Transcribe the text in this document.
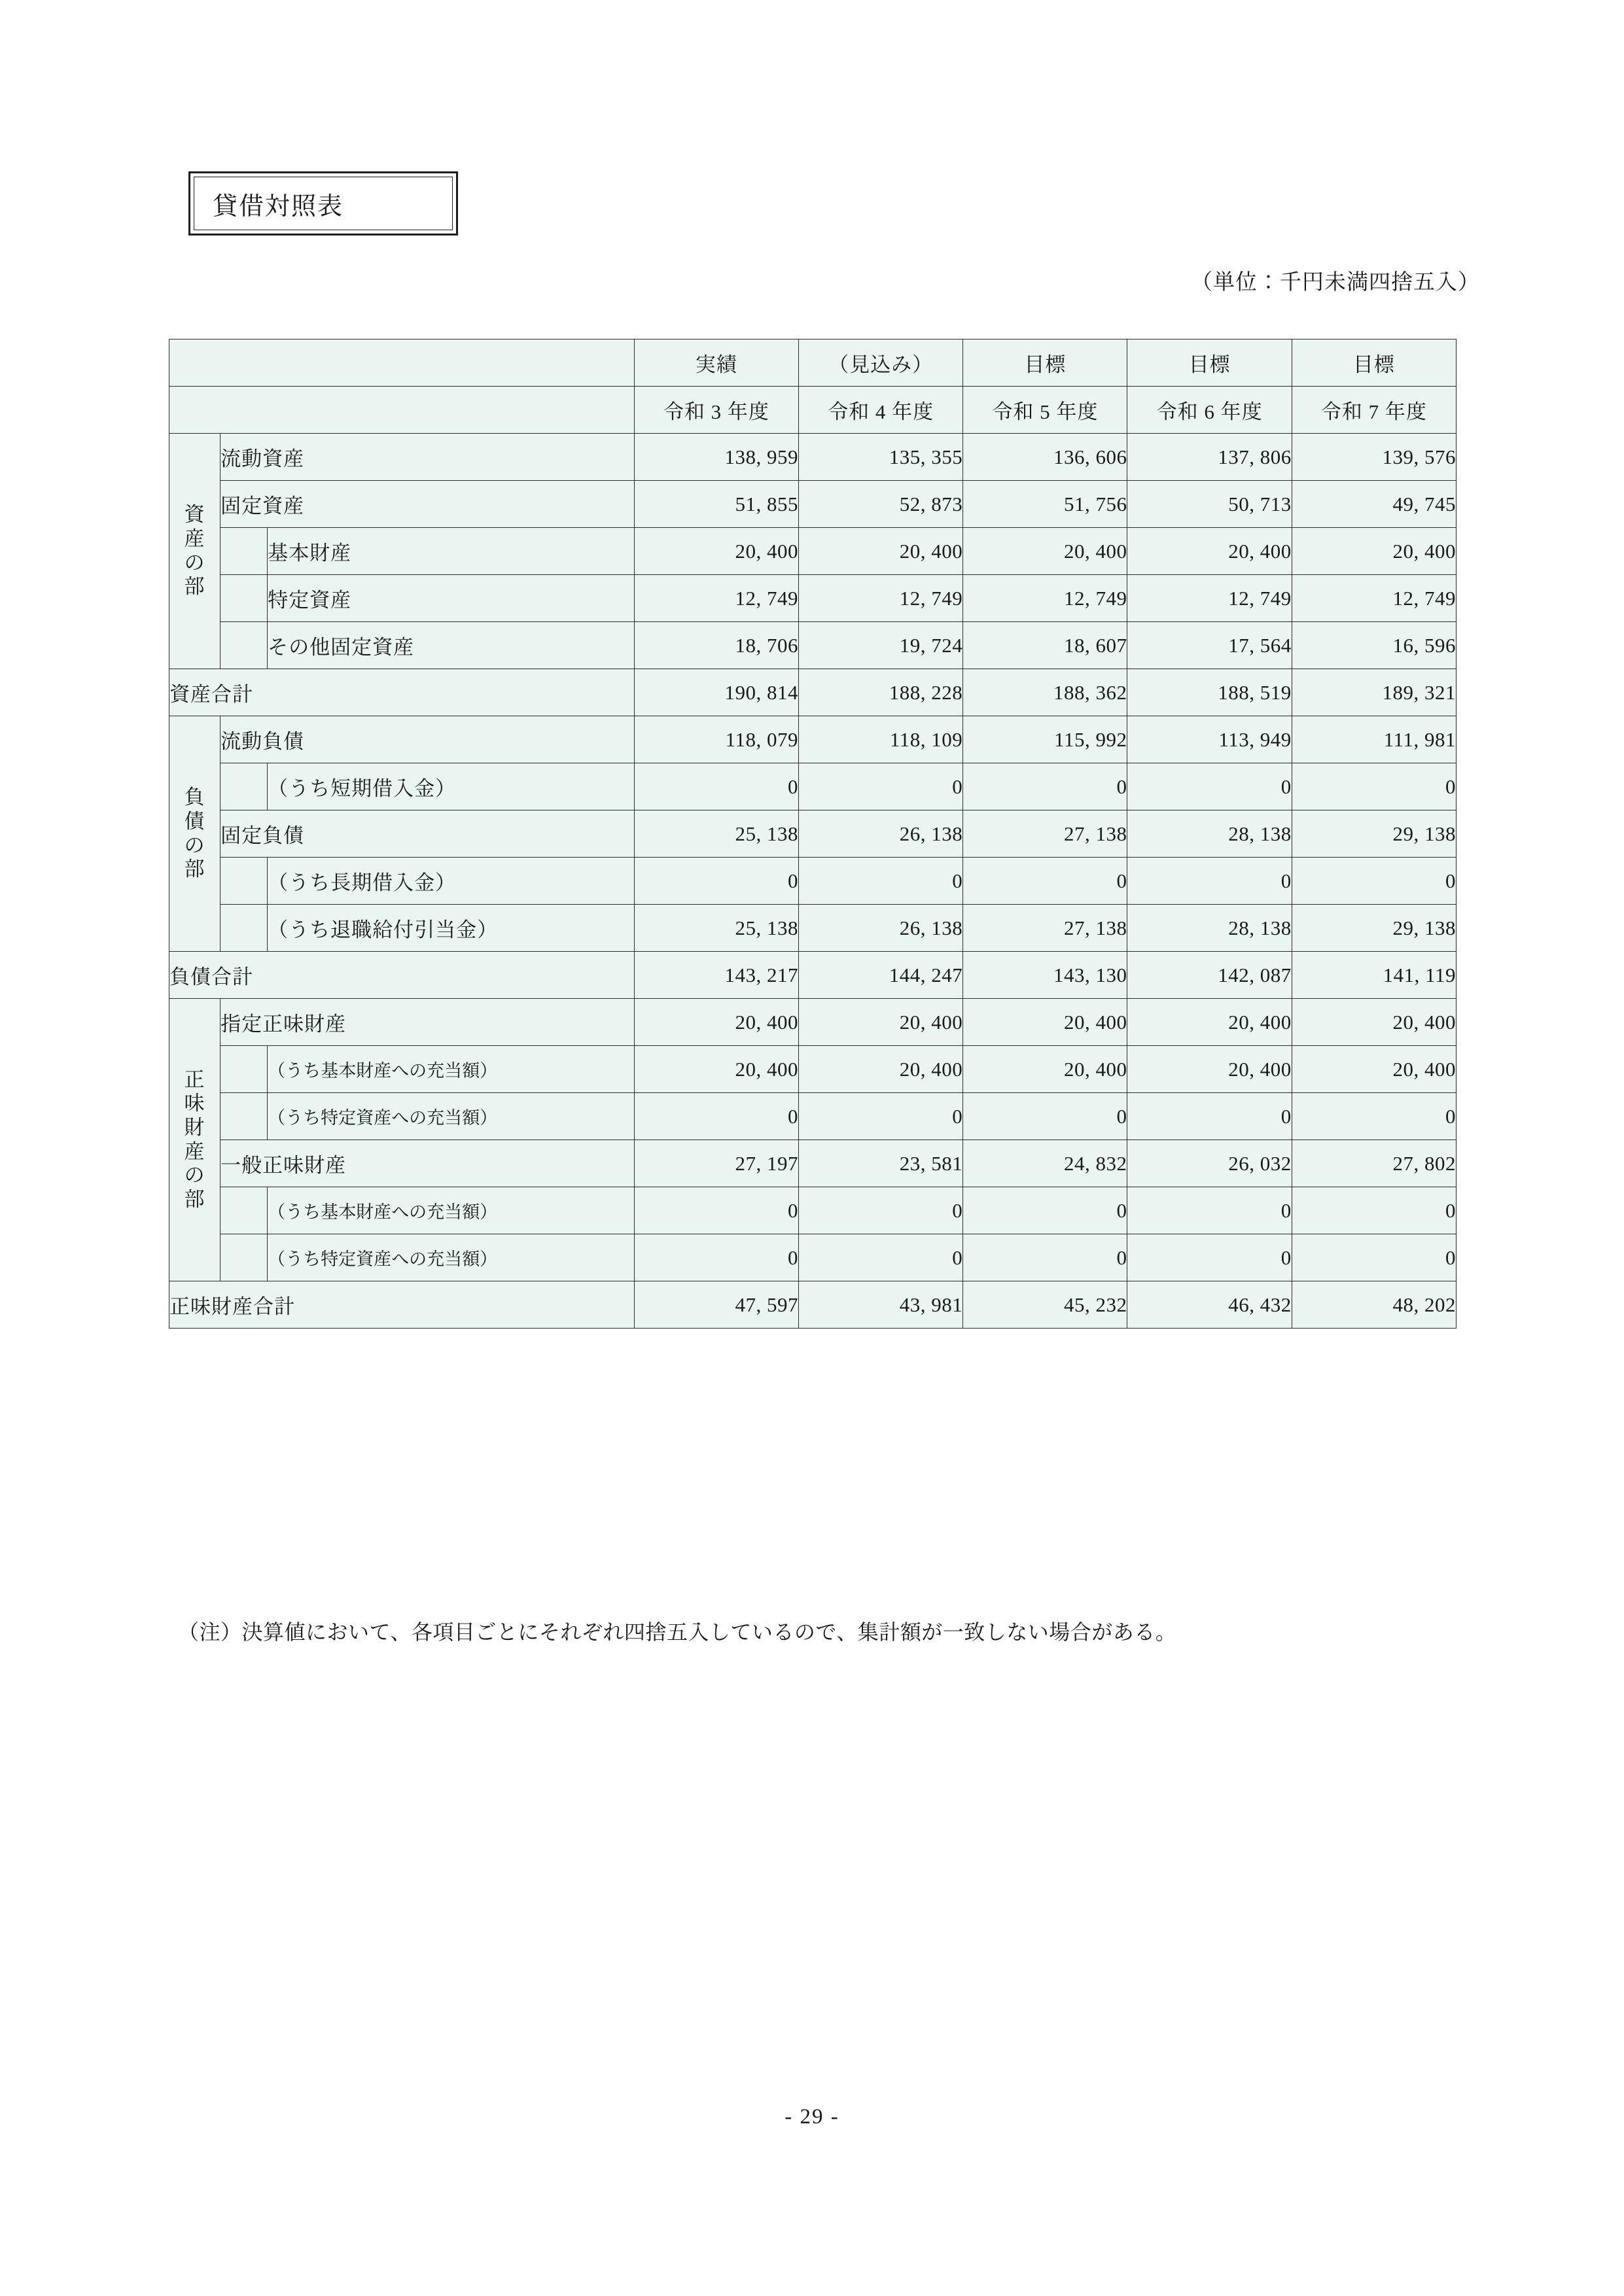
貸借対照表
（単位：千円未満四捨五入）
			実績	（見込み）	目標	目標	目標
			令和 3 年度	令和 4 年度	令和 5 年度	令和 6 年度	令和 7 年度

資
産
の
部	流動資産		138, 959	135, 355	136, 606	137, 806	139, 576
	固定資産		51, 855	52, 873	51, 756	50, 713	49, 745
		基本財産	20, 400	20, 400	20, 400	20, 400	20, 400
		特定資産	12, 749	12, 749	12, 749	12, 749	12, 749
		その他固定資産	18, 706	19, 724	18, 607	17, 564	16, 596
資産合計			190, 814	188, 228	188, 362	188, 519	189, 321

負
債
の
部	流動負債		118, 079	118, 109	115, 992	113, 949	111, 981
		（うち短期借入金）	0	0	0	0	0
	固定負債		25, 138	26, 138	27, 138	28, 138	29, 138
		（うち長期借入金）	0	0	0	0	0
		（うち退職給付引当金）	25, 138	26, 138	27, 138	28, 138	29, 138
負債合計			143, 217	144, 247	143, 130	142, 087	141, 119

正
味
財
産
の
部
	指定正味財産	20, 400	20, 400	20, 400	20, 400	20, 400
		（うち基本財産への充当額）	20, 400	20, 400	20, 400	20, 400	20, 400
		（うち特定資産への充当額）	0	0	0	0	0
	一般正味財産		27, 197	23, 581	24, 832	26, 032	27, 802
		（うち基本財産への充当額）	0	0	0	0	0
		（うち特定資産への充当額）	0	0	0	0	0
正味財産合計			47, 597	43, 981	45, 232	46, 432	48, 202
（注）決算値において、各項目ごとにそれぞれ四捨五入しているので、集計額が一致しない場合がある。
- 29 -
